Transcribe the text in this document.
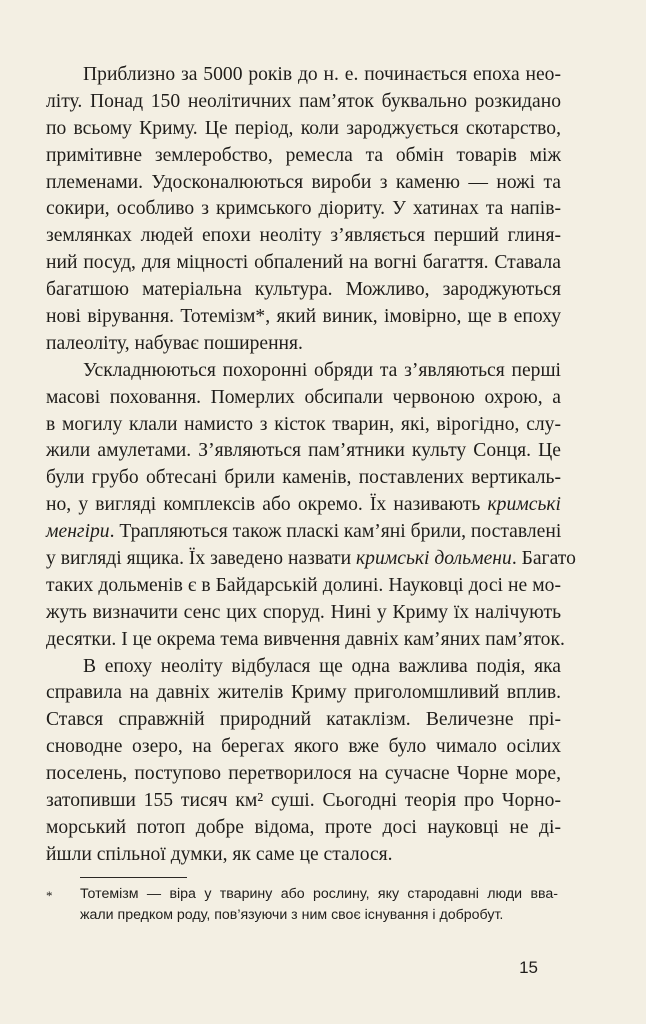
Приблизно за 5000 років до н. е. починається епоха нео-
літу. Понад 150 неолітичних пам’яток буквально розкидано
по всьому Криму. Це період, коли зароджується скотарство,
примітивне землеробство, ремесла та обмін товарів між
племенами. Удосконалюються вироби з каменю — ножі та
сокири, особливо з кримського діориту. У хатинах та напів-
землянках людей епохи неоліту з’являється перший глиня-
ний посуд, для міцності обпалений на вогні багаття. Ставала
багатшою матеріальна культура. Можливо, зароджуються
нові вірування. Тотемізм*, який виник, імовірно, ще в епоху
палеоліту, набуває поширення.
Ускладнюються похоронні обряди та з’являються перші
масові поховання. Померлих обсипали червоною охрою, а
в могилу клали намисто з кісток тварин, які, вірогідно, слу-
жили амулетами. З’являються пам’ятники культу Сонця. Це
були грубо обтесані брили каменів, поставлених вертикаль-
но, у вигляді комплексів або окремо. Їх називають кримські
менгіри. Трапляються також пласкі кам’яні брили, поставлені
у вигляді ящика. Їх заведено назвати кримські дольмени. Багато
таких дольменів є в Байдарській долині. Науковці досі не мо-
жуть визначити сенс цих споруд. Нині у Криму їх налічують
десятки. І це окрема тема вивчення давніх кам’яних пам’яток.
В епоху неоліту відбулася ще одна важлива подія, яка
справила на давніх жителів Криму приголомшливий вплив.
Стався справжній природний катаклізм. Величезне прі-
сноводне озеро, на берегах якого вже було чимало осілих
поселень, поступово перетворилося на сучасне Чорне море,
затопивши 155 тисяч км² суші. Сьогодні теорія про Чорно-
морський потоп добре відома, проте досі науковці не ді-
йшли спільної думки, як саме це сталося.
* Тотемізм — віра у тварину або рослину, яку стародавні люди вва-
жали предком роду, пов’язуючи з ним своє існування і добробут.
15
